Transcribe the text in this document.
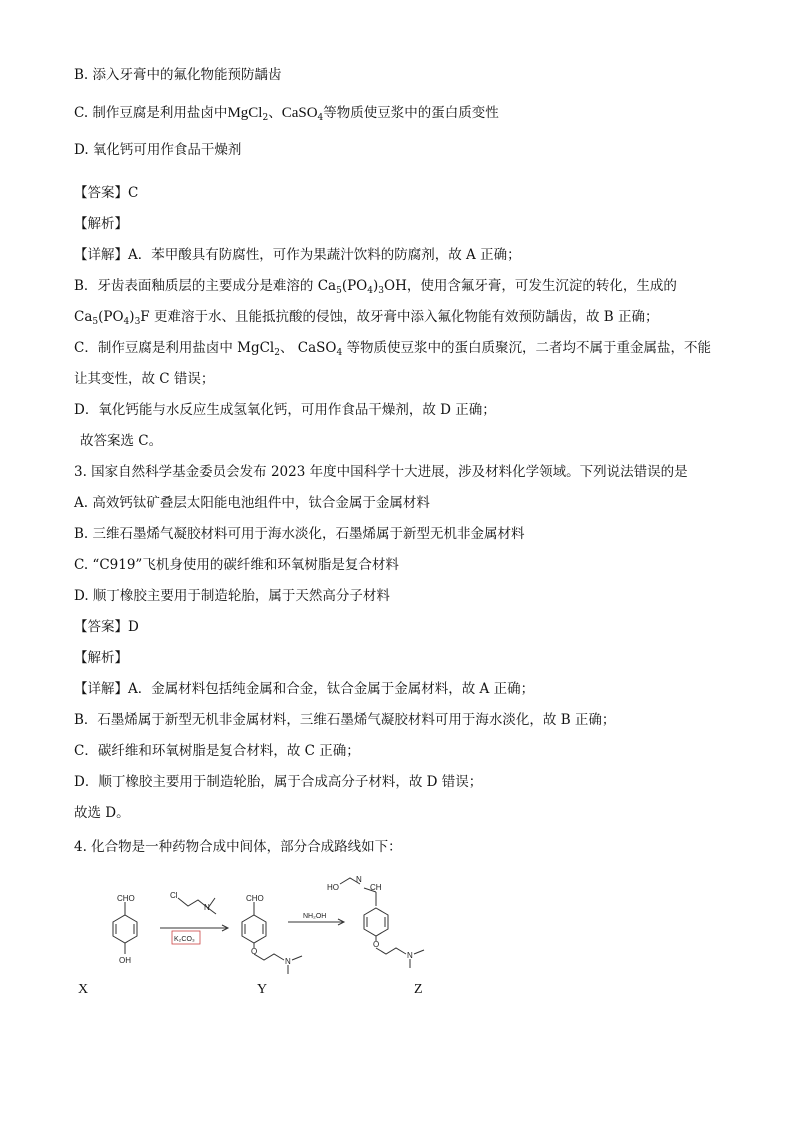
B. 添入牙膏中的氟化物能预防龋齿
C. 制作豆腐是利用盐卤中MgCl$_2$、CaSO$_4$等物质使豆浆中的蛋白质变性
D. 氧化钙可用作食品干燥剂
【答案】C
【解析】
【详解】A．苯甲酸具有防腐性，可作为果蔬汁饮料的防腐剂，故 A 正确；
B．牙齿表面釉质层的主要成分是难溶的 $Ca_5(PO_4)_3OH$，使用含氟牙膏，可发生沉淀的转化，生成的
$Ca_5(PO_4)_3F$ 更难溶于水、且能抵抗酸的侵蚀，故牙膏中添入氟化物能有效预防龋齿，故 B 正确；
C．制作豆腐是利用盐卤中 MgCl$_2$、 CaSO$_4$ 等物质使豆浆中的蛋白质聚沉，二者均不属于重金属盐，不能
让其变性，故 C 错误；
D．氧化钙能与水反应生成氢氧化钙，可用作食品干燥剂，故 D 正确；
故答案选 C。
3. 国家自然科学基金委员会发布 2023 年度中国科学十大进展，涉及材料化学领域。下列说法错误的是
A. 高效钙钛矿叠层太阳能电池组件中，钛合金属于金属材料
B. 三维石墨烯气凝胶材料可用于海水淡化，石墨烯属于新型无机非金属材料
C. “C919”飞机身使用的碳纤维和环氧树脂是复合材料
D. 顺丁橡胶主要用于制造轮胎，属于天然高分子材料
【答案】D
【解析】
【详解】A．金属材料包括纯金属和合金，钛合金属于金属材料，故 A 正确；
B．石墨烯属于新型无机非金属材料，三维石墨烯气凝胶材料可用于海水淡化，故 B 正确；
C．碳纤维和环氧树脂是复合材料，故 C 正确；
D．顺丁橡胶主要用于制造轮胎，属于合成高分子材料，故 D 错误；
故选 D。
4. 化合物是一种药物合成中间体，部分合成路线如下：
CHO
OH
Cl
N
K₂CO₃
CHO
O
N
NH₂OH
HO
N
CH
O
N
X	Y	Z
